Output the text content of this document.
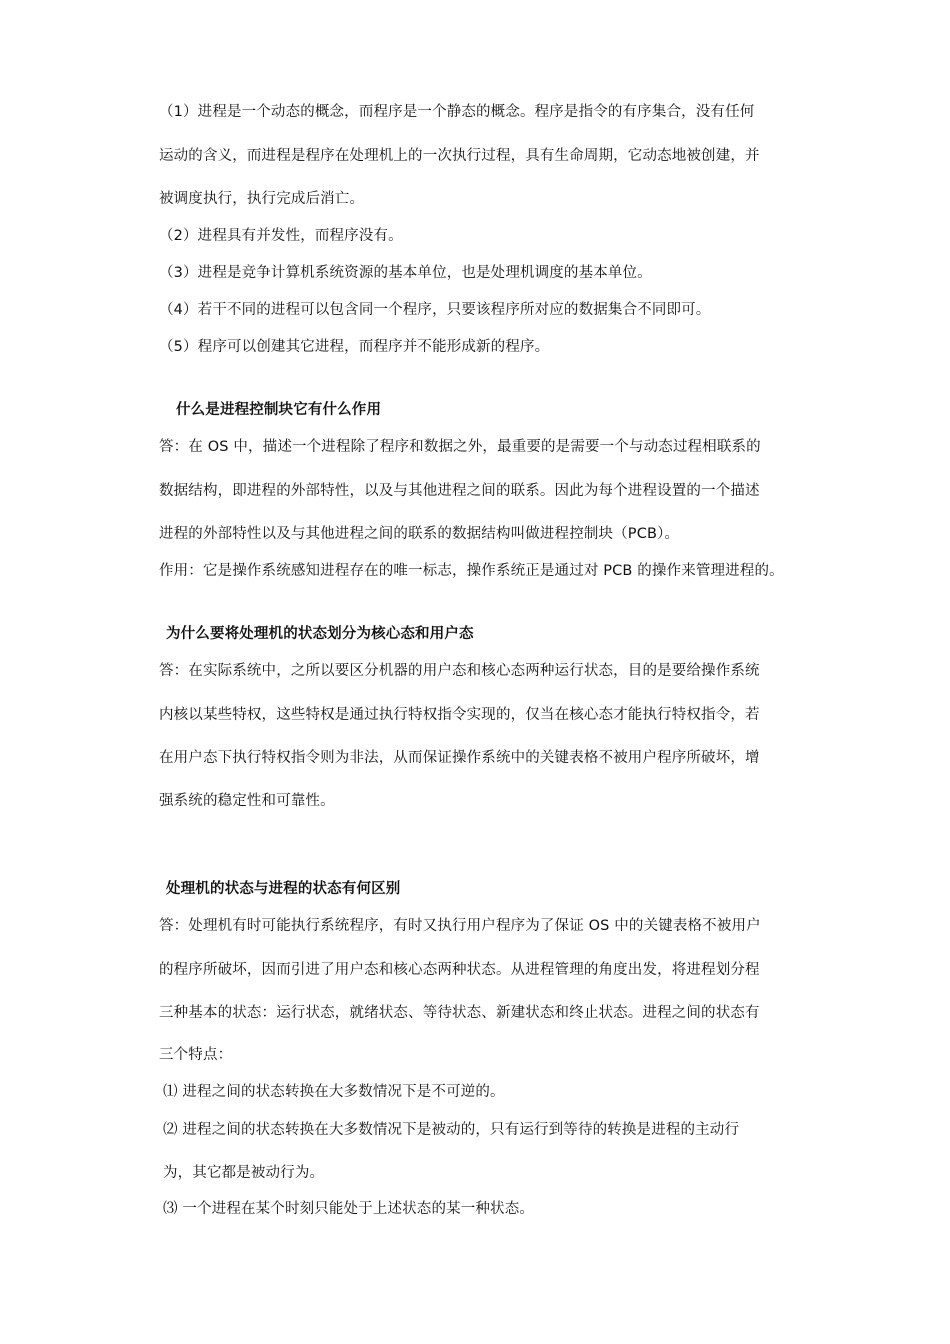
（1）进程是一个动态的概念，而程序是一个静态的概念。程序是指令的有序集合，没有任何
运动的含义，而进程是程序在处理机上的一次执行过程，具有生命周期，它动态地被创建，并
被调度执行，执行完成后消亡。
（2）进程具有并发性，而程序没有。
（3）进程是竞争计算机系统资源的基本单位，也是处理机调度的基本单位。
（4）若干不同的进程可以包含同一个程序，只要该程序所对应的数据集合不同即可。
（5）程序可以创建其它进程，而程序并不能形成新的程序。
什么是进程控制块它有什么作用
答：在 OS 中，描述一个进程除了程序和数据之外，最重要的是需要一个与动态过程相联系的
数据结构，即进程的外部特性，以及与其他进程之间的联系。因此为每个进程设置的一个描述
进程的外部特性以及与其他进程之间的联系的数据结构叫做进程控制块（PCB）。
作用：它是操作系统感知进程存在的唯一标志，操作系统正是通过对 PCB 的操作来管理进程的。
为什么要将处理机的状态划分为核心态和用户态
答：在实际系统中，之所以要区分机器的用户态和核心态两种运行状态，目的是要给操作系统
内核以某些特权，这些特权是通过执行特权指令实现的，仅当在核心态才能执行特权指令，若
在用户态下执行特权指令则为非法，从而保证操作系统中的关键表格不被用户程序所破坏，增
强系统的稳定性和可靠性。
处理机的状态与进程的状态有何区别
答：处理机有时可能执行系统程序，有时又执行用户程序为了保证 OS 中的关键表格不被用户
的程序所破坏，因而引进了用户态和核心态两种状态。从进程管理的角度出发，将进程划分程
三种基本的状态：运行状态，就绪状态、等待状态、新建状态和终止状态。进程之间的状态有
三个特点：
⑴ 进程之间的状态转换在大多数情况下是不可逆的。
⑵ 进程之间的状态转换在大多数情况下是被动的，只有运行到等待的转换是进程的主动行
为，其它都是被动行为。
⑶ 一个进程在某个时刻只能处于上述状态的某一种状态。
